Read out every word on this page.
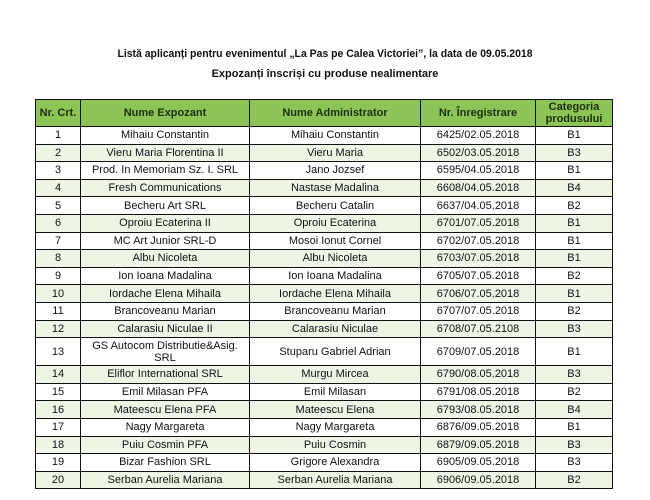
Listă aplicanți pentru evenimentul „La Pas pe Calea Victoriei”, la data de 09.05.2018
Expozanți înscriși cu produse nealimentare
Nr. Crt.	Nume Expozant	Nume Administrator	Nr. Înregistrare	Categoria produsului
1	Mihaiu Constantin	Mihaiu Constantin	6425/02.05.2018	B1
2	Vieru Maria Florentina II	Vieru Maria	6502/03.05.2018	B3
3	Prod. In Memoriam Sz. I. SRL	Jano Jozsef	6595/04.05.2018	B1
4	Fresh Communications	Nastase Madalina	6608/04.05.2018	B4
5	Becheru Art SRL	Becheru Catalin	6637/04.05.2018	B2
6	Oproiu Ecaterina II	Oproiu Ecaterina	6701/07.05.2018	B1
7	MC Art Junior SRL-D	Mosoi Ionut Cornel	6702/07.05.2018	B1
8	Albu Nicoleta	Albu Nicoleta	6703/07.05.2018	B1
9	Ion Ioana Madalina	Ion Ioana Madalina	6705/07.05.2018	B2
10	Iordache Elena Mihaila	Iordache Elena Mihaila	6706/07.05.2018	B1
11	Brancoveanu Marian	Brancoveanu Marian	6707/07.05.2018	B2
12	Calarasiu Niculae II	Calarasiu Niculae	6708/07.05.2108	B3
13	GS Autocom Distributie&Asig. SRL	Stuparu Gabriel Adrian	6709/07.05.2018	B1
14	Eliflor International SRL	Murgu Mircea	6790/08.05.2018	B3
15	Emil Milasan PFA	Emil Milasan	6791/08.05.2018	B2
16	Mateescu Elena PFA	Mateescu Elena	6793/08.05.2018	B4
17	Nagy Margareta	Nagy Margareta	6876/09.05.2018	B1
18	Puiu Cosmin PFA	Puiu Cosmin	6879/09.05.2018	B3
19	Bizar Fashion SRL	Grigore Alexandra	6905/09.05.2018	B3
20	Serban Aurelia Mariana	Serban Aurelia Mariana	6906/09.05.2018	B2
